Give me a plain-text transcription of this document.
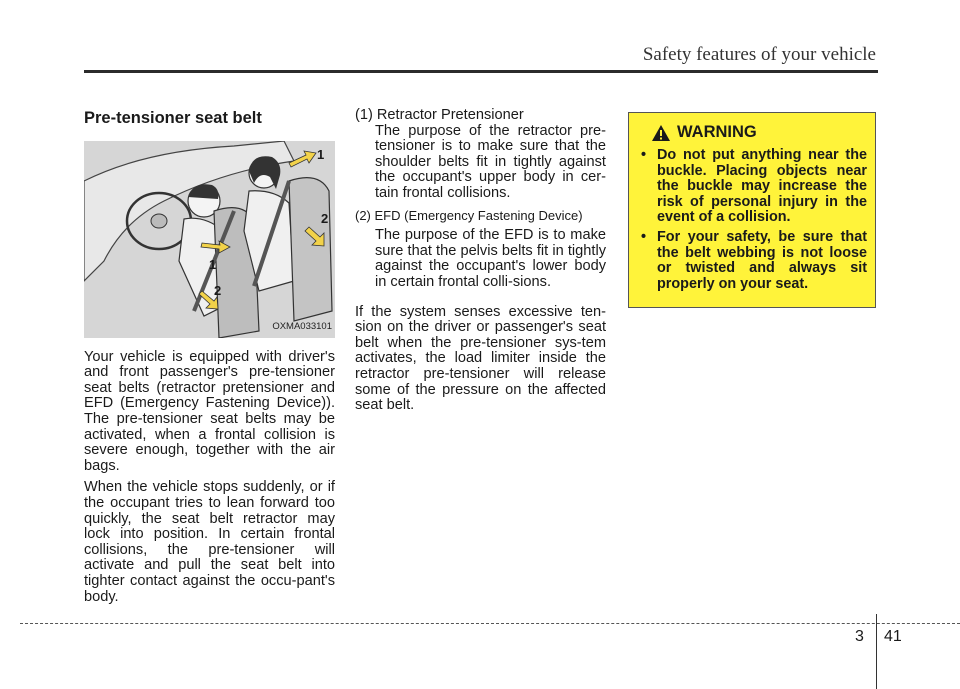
Safety features of your vehicle
Pre-tensioner seat belt
1
2
1
2
OXMA033101

Your vehicle is equipped with driver's and front passenger's pre-tensioner seat belts (retractor pretensioner and EFD (Emergency Fastening Device)). The pre-tensioner seat belts may be activated, when a frontal collision is severe enough, together with the air bags.

When the vehicle stops suddenly, or if the occupant tries to lean forward too quickly, the seat belt retractor may lock into position. In certain frontal collisions, the pre-tensioner will activate and pull the seat belt into tighter contact against the occu-pant's body.

(1) Retractor Pretensioner

The purpose of the retractor pre-tensioner is to make sure that the shoulder belts fit in tightly against the occupant's upper body in cer-tain frontal collisions.

(2) EFD (Emergency Fastening Device)

The purpose of the EFD is to make sure that the pelvis belts fit in tightly against the occupant's lower body in certain frontal colli-sions.

If the system senses excessive ten-sion on the driver or passenger's seat belt when the pre-tensioner sys-tem activates, the load limiter inside the retractor pre-tensioner will release some of the pressure on the affected seat belt.

WARNING
• Do not put anything near the buckle. Placing objects near the buckle may increase the risk of personal injury in the event of a collision.
• For your safety, be sure that the belt webbing is not loose or twisted and always sit properly on your seat.
3 41
